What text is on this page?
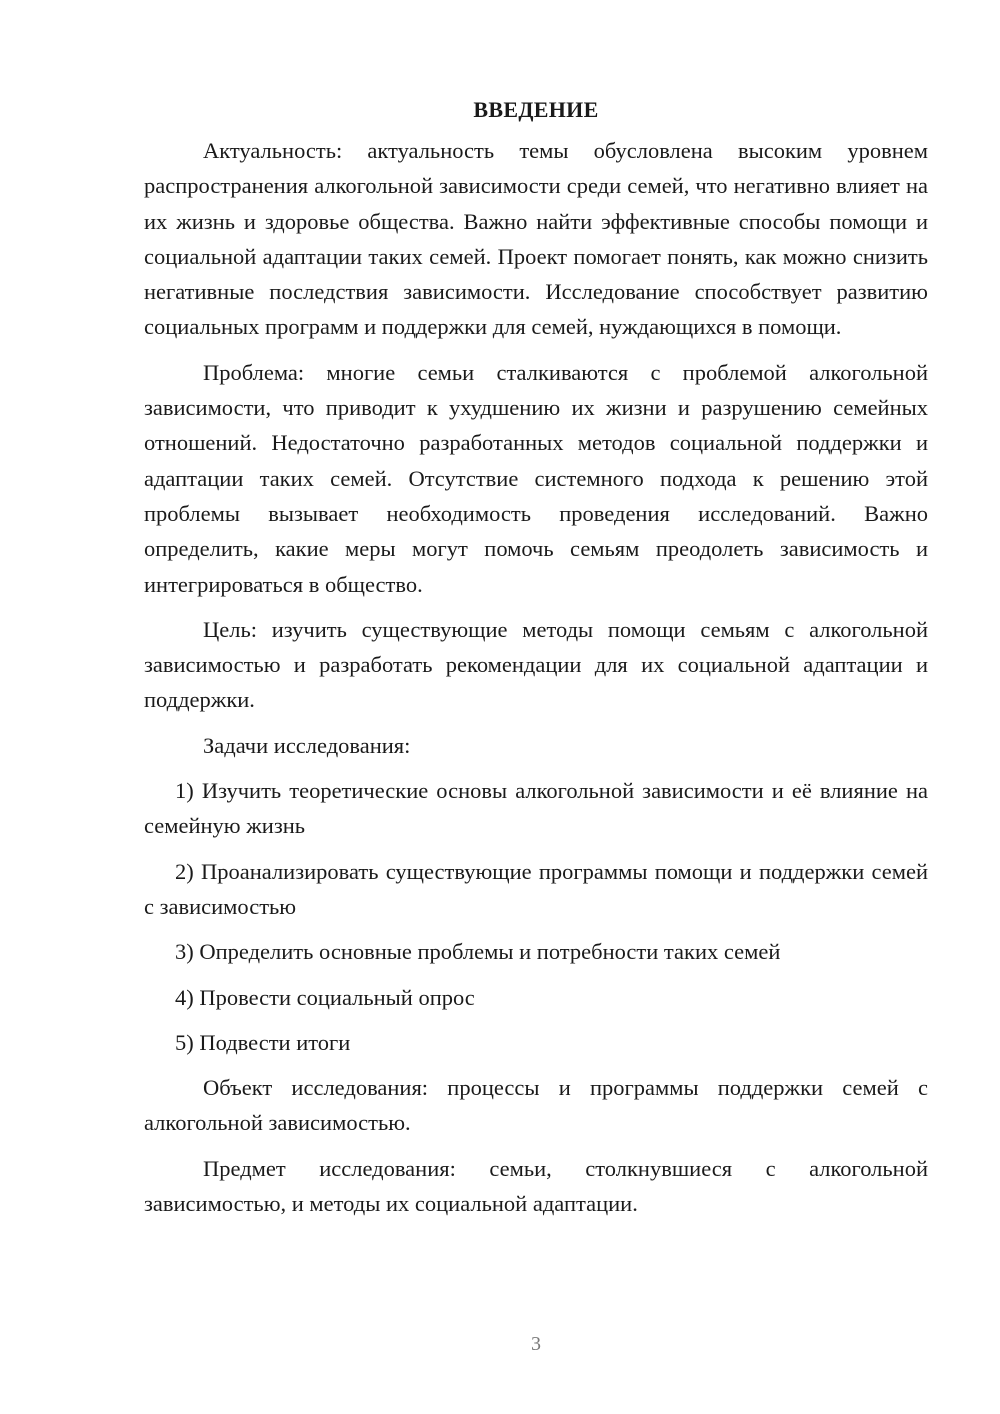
ВВЕДЕНИЕ

Актуальность: актуальность темы обусловлена высоким уровнем распространения алкогольной зависимости среди семей, что негативно влияет на их жизнь и здоровье общества. Важно найти эффективные способы помощи и социальной адаптации таких семей. Проект помогает понять, как можно снизить негативные последствия зависимости. Исследование способствует развитию социальных программ и поддержки для семей, нуждающихся в помощи.

Проблема: многие семьи сталкиваются с проблемой алкогольной зависимости, что приводит к ухудшению их жизни и разрушению семейных отношений. Недостаточно разработанных методов социальной поддержки и адаптации таких семей. Отсутствие системного подхода к решению этой проблемы вызывает необходимость проведения исследований. Важно определить, какие меры могут помочь семьям преодолеть зависимость и интегрироваться в общество.

Цель: изучить существующие методы помощи семьям с алкогольной зависимостью и разработать рекомендации для их социальной адаптации и поддержки.

Задачи исследования:

1) Изучить теоретические основы алкогольной зависимости и её влияние на семейную жизнь

2) Проанализировать существующие программы помощи и поддержки семей с зависимостью

3) Определить основные проблемы и потребности таких семей

4) Провести социальный опрос

5) Подвести итоги

Объект исследования: процессы и программы поддержки семей с алкогольной зависимостью.

Предмет исследования: семьи, столкнувшиеся с алкогольной зависимостью, и методы их социальной адаптации.

3
